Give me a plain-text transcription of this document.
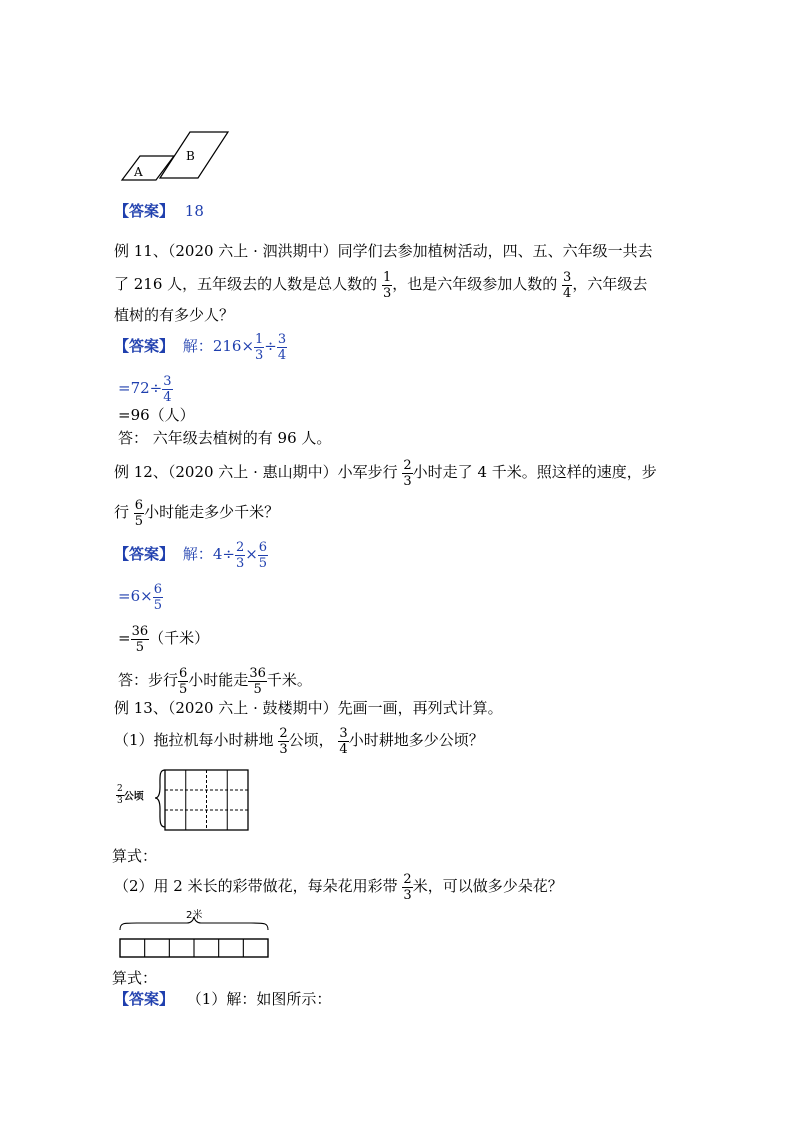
B
A
【答案】 18
例 11、（2020 六上 · 泗洪期中）同学们去参加植树活动，四、五、六年级一共去
了 216 人，五年级去的人数是总人数的 $\frac{1}{3}$ ，也是六年级参加人数的 $\frac{3}{4}$ ，六年级去
植树的有多少人？
【答案】 解：$216\times \frac{1}{3} \div \frac{3}{4}$
$=72\div \frac{3}{4}$
=96（人）
答： 六年级去植树的有 96 人。
例 12、（2020 六上 · 惠山期中）小军步行 $\frac{2}{3}$ 小时走了 4 千米。照这样的速度，步
行 $\frac{6}{5}$ 小时能走多少千米？
【答案】 解：$4\div \frac{2}{3} \times \frac{6}{5}$
$=6\times \frac{6}{5}$
= $\frac{36}{5}$ （千米）
答：步行 $\frac{6}{5}$ 小时能走 $\frac{36}{5}$ 千米。
例 13、（2020 六上 · 鼓楼期中）先画一画，再列式计算。
（1）拖拉机每小时耕地 $\frac{2}{3}$ 公顷， $\frac{3}{4}$ 小时耕地多少公顷？
$\frac{2}{3}$ 公顷
算式：
（2）用 2 米长的彩带做花，每朵花用彩带 $\frac{2}{3}$ 米，可以做多少朵花？
2米
算式：
【答案】 （1）解：如图所示：
